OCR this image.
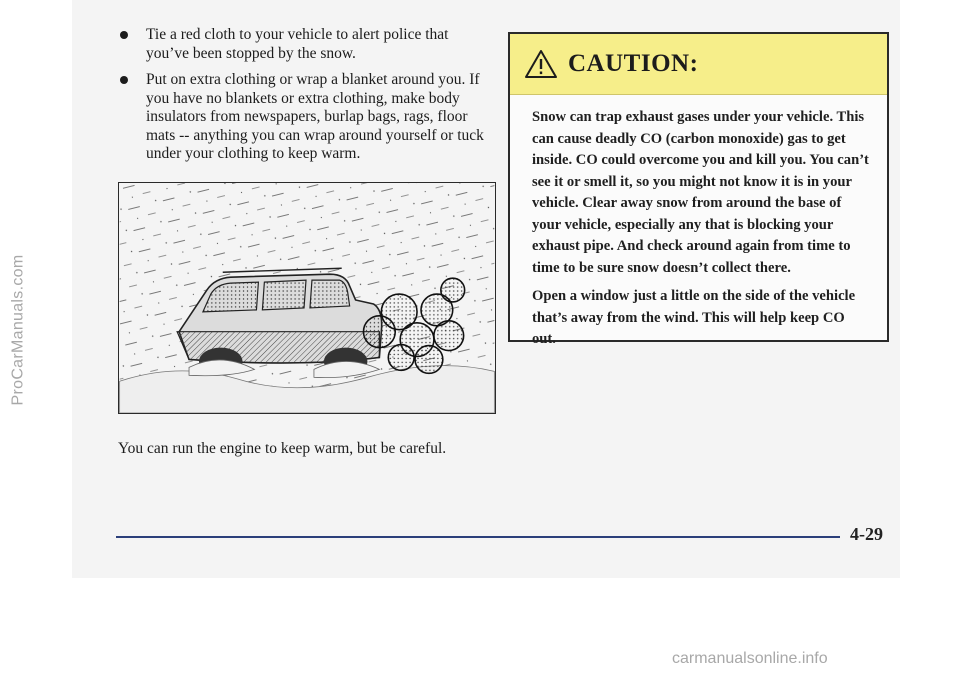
ProCarManuals.com
Tie a red cloth to your vehicle to alert police that you’ve been stopped by the snow.
Put on extra clothing or wrap a blanket around you. If you have no blankets or extra clothing, make body insulators from newspapers, burlap bags, rags, floor mats -- anything you can wrap around yourself or tuck under your clothing to keep warm.
You can run the engine to keep warm, but be careful.
CAUTION:

Snow can trap exhaust gases under your vehicle. This can cause deadly CO (carbon monoxide) gas to get inside. CO could overcome you and kill you. You can’t see it or smell it, so you might not know it is in your vehicle. Clear away snow from around the base of your vehicle, especially any that is blocking your exhaust pipe. And check around again from time to time to be sure snow doesn’t collect there.

Open a window just a little on the side of the vehicle that’s away from the wind. This will help keep CO out.

4-29
carmanualsonline.info
